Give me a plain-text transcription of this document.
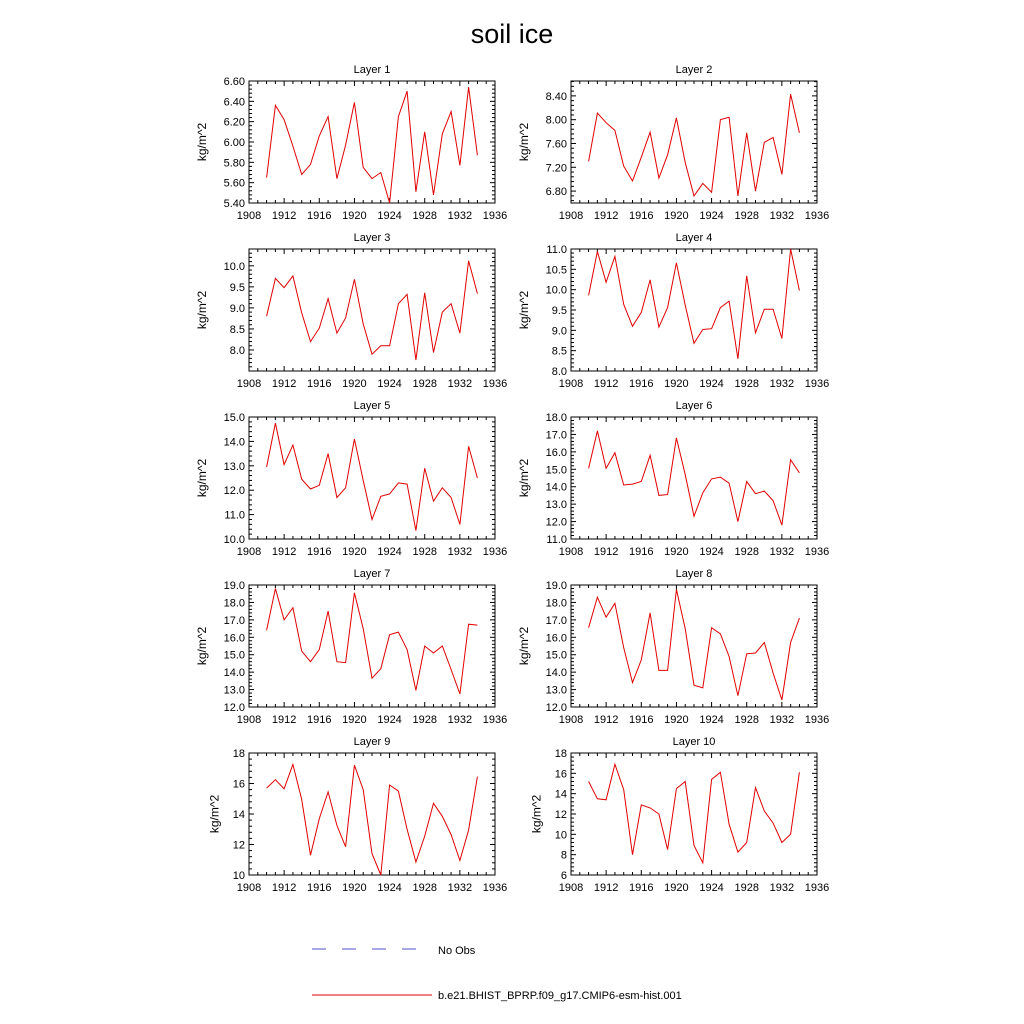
soil ice
Layer 1
1908 1912 1916 1920 1924 1928 1932 1936
5.40
5.60
5.80
6.00
6.20
6.40
6.60
kg/m^2
Layer 2
1908 1912 1916 1920 1924 1928 1932 1936
6.80
7.20
7.60
8.00
8.40
kg/m^2
Layer 3
1908 1912 1916 1920 1924 1928 1932 1936
8.0
8.5
9.0
9.5
10.0
kg/m^2
Layer 4
1908 1912 1916 1920 1924 1928 1932 1936
8.0
8.5
9.0
9.5
10.0
10.5
11.0
kg/m^2
Layer 5
1908 1912 1916 1920 1924 1928 1932 1936
10.0
11.0
12.0
13.0
14.0
15.0
kg/m^2
Layer 6
1908 1912 1916 1920 1924 1928 1932 1936
11.0
12.0
13.0
14.0
15.0
16.0
17.0
18.0
kg/m^2
Layer 7
1908 1912 1916 1920 1924 1928 1932 1936
12.0
13.0
14.0
15.0
16.0
17.0
18.0
19.0
kg/m^2
Layer 8
1908 1912 1916 1920 1924 1928 1932 1936
12.0
13.0
14.0
15.0
16.0
17.0
18.0
19.0
kg/m^2
Layer 9
1908 1912 1916 1920 1924 1928 1932 1936
10
12
14
16
18
kg/m^2
Layer 10
1908 1912 1916 1920 1924 1928 1932 1936
6
8
10
12
14
16
18
kg/m^2
No Obs
b.e21.BHIST_BPRP.f09_g17.CMIP6-esm-hist.001
